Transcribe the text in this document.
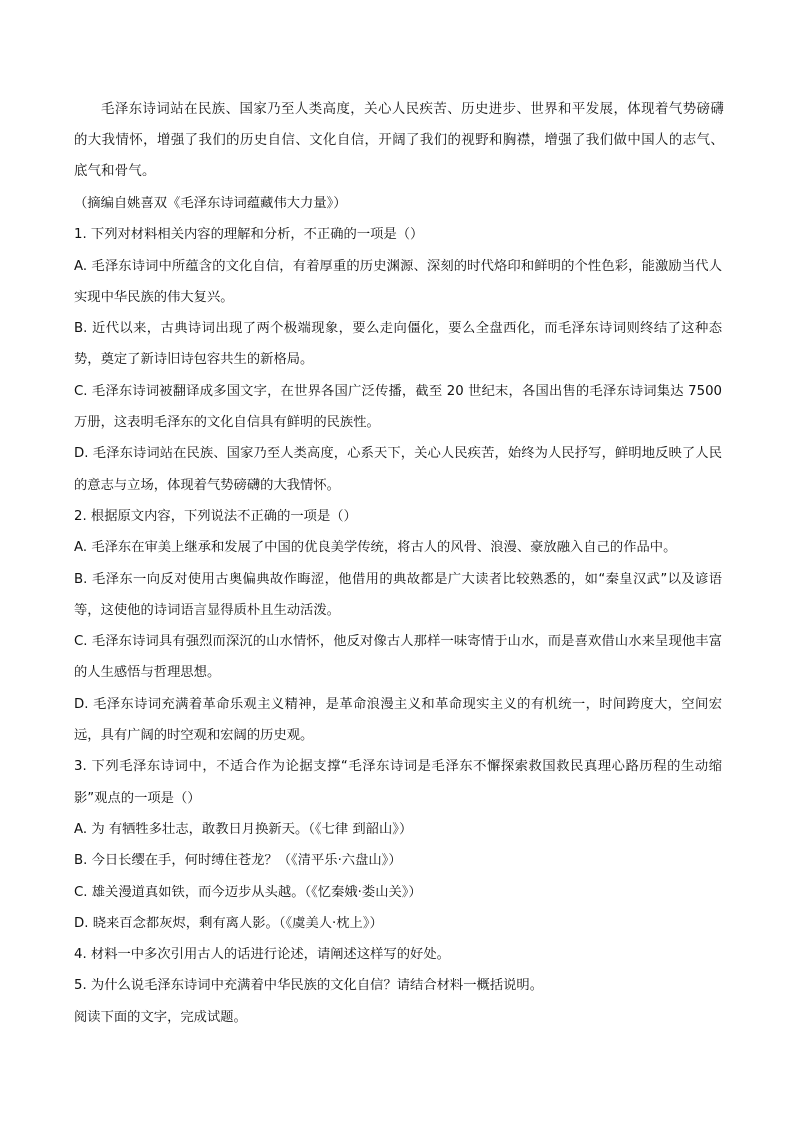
毛泽东诗词站在民族、国家乃至人类高度，关心人民疾苦、历史进步、世界和平发展，体现着气势磅礴的大我情怀，增强了我们的历史自信、文化自信，开阔了我们的视野和胸襟，增强了我们做中国人的志气、底气和骨气。

（摘编自姚喜双《毛泽东诗词蕴藏伟大力量》）

1. 下列对材料相关内容的理解和分析，不正确的一项是（）

A. 毛泽东诗词中所蕴含的文化自信，有着厚重的历史渊源、深刻的时代烙印和鲜明的个性色彩，能激励当代人实现中华民族的伟大复兴。

B. 近代以来，古典诗词出现了两个极端现象，要么走向僵化，要么全盘西化，而毛泽东诗词则终结了这种态势，奠定了新诗旧诗包容共生的新格局。

C. 毛泽东诗词被翻译成多国文字，在世界各国广泛传播，截至 20 世纪末，各国出售的毛泽东诗词集达 7500 万册，这表明毛泽东的文化自信具有鲜明的民族性。

D. 毛泽东诗词站在民族、国家乃至人类高度，心系天下，关心人民疾苦，始终为人民抒写，鲜明地反映了人民的意志与立场，体现着气势磅礴的大我情怀。

2. 根据原文内容，下列说法不正确的一项是（）

A. 毛泽东在审美上继承和发展了中国的优良美学传统，将古人的风骨、浪漫、豪放融入自己的作品中。

B. 毛泽东一向反对使用古奥偏典故作晦涩，他借用的典故都是广大读者比较熟悉的，如“秦皇汉武”以及谚语等，这使他的诗词语言显得质朴且生动活泼。

C. 毛泽东诗词具有强烈而深沉的山水情怀，他反对像古人那样一味寄情于山水，而是喜欢借山水来呈现他丰富的人生感悟与哲理思想。

D. 毛泽东诗词充满着革命乐观主义精神，是革命浪漫主义和革命现实主义的有机统一，时间跨度大，空间宏远，具有广阔的时空观和宏阔的历史观。

3. 下列毛泽东诗词中，不适合作为论据支撑“毛泽东诗词是毛泽东不懈探索救国救民真理心路历程的生动缩影”观点的一项是（）

A. 为 有牺牲多壮志，敢教日月换新天。（《七律 到韶山》）

B. 今日长缨在手，何时缚住苍龙？（《清平乐·六盘山》）

C. 雄关漫道真如铁，而今迈步从头越。（《忆秦娥·娄山关》）

D. 晓来百念都灰烬，剩有离人影。（《虞美人·枕上》）

4. 材料一中多次引用古人的话进行论述，请阐述这样写的好处。

5. 为什么说毛泽东诗词中充满着中华民族的文化自信？请结合材料一概括说明。

阅读下面的文字，完成试题。
